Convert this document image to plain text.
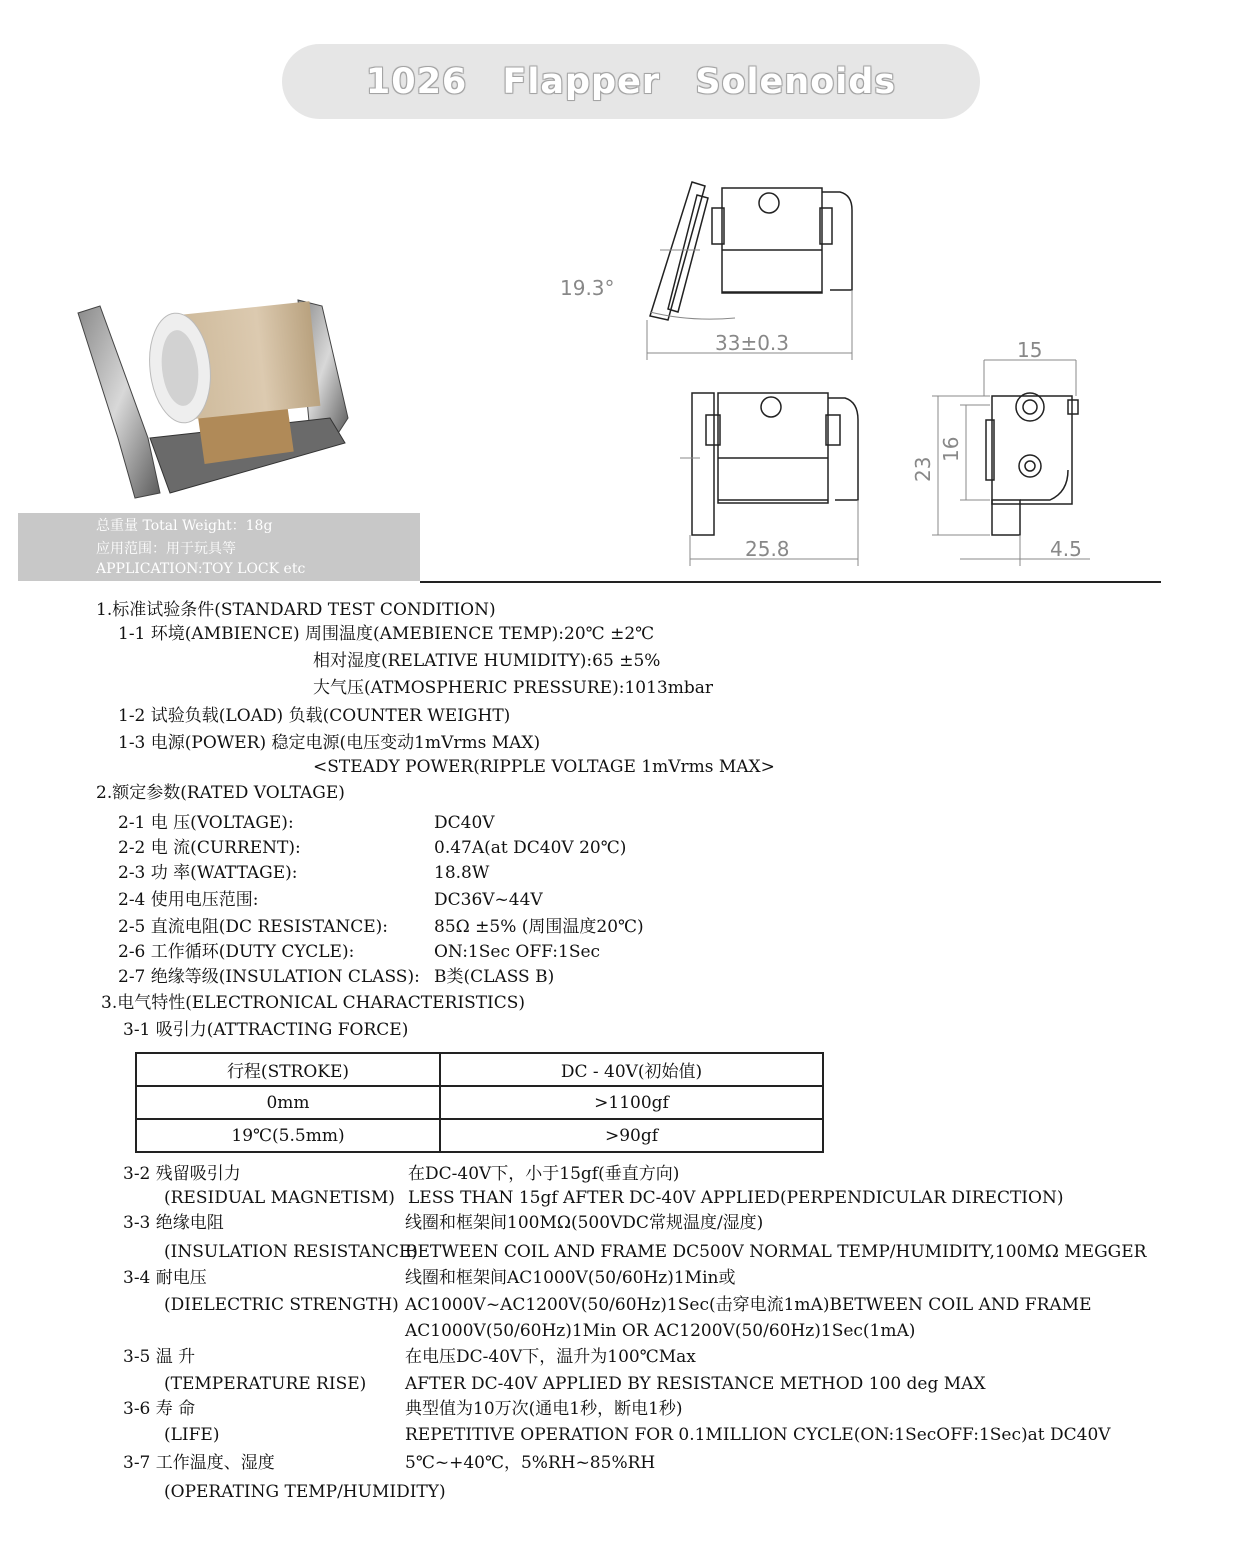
1026 Flapper Solenoids
总重量 Total Weight：18g
应用范围：用于玩具等
APPLICATION:TOY LOCK etc
19.3°
33±0.3	15
25.8	4.5
23
16
1.标准试验条件(STANDARD TEST CONDITION)
1-1 环境(AMBIENCE) 周围温度(AMEBIENCE TEMP):20℃ ±2℃
相对湿度(RELATIVE HUMIDITY):65 ±5%
大气压(ATMOSPHERIC PRESSURE):1013mbar
1-2 试验负载(LOAD) 负载(COUNTER WEIGHT)
1-3 电源(POWER) 稳定电源(电压变动1mVrms MAX)
<STEADY POWER(RIPPLE VOLTAGE 1mVrms MAX>
2.额定参数(RATED VOLTAGE)
2-1 电 压(VOLTAGE):	DC40V
2-2 电 流(CURRENT):	0.47A(at DC40V 20℃)
2-3 功 率(WATTAGE):	18.8W
2-4 使用电压范围:	DC36V~44V
2-5 直流电阻(DC RESISTANCE):	85Ω ±5% (周围温度20℃)
2-6 工作循环(DUTY CYCLE):	ON:1Sec OFF:1Sec
2-7 绝缘等级(INSULATION CLASS): B类(CLASS B)
3.电气特性(ELECTRONICAL CHARACTERISTICS)
3-1 吸引力(ATTRACTING FORCE)
行程(STROKE)	DC - 40V(初始值)
0mm	>1100gf
19℃(5.5mm)	>90gf
3-2 残留吸引力	在DC-40V下，小于15gf(垂直方向)
(RESIDUAL MAGNETISM) LESS THAN 15gf AFTER DC-40V APPLIED(PERPENDICULAR DIRECTION)
3-3 绝缘电阻	线圈和框架间100MΩ(500VDC常规温度/湿度)
(INSULATION RESISTANCE)
BETWEEN COIL AND FRAME DC500V NORMAL TEMP/HUMIDITY,100MΩ MEGGER
3-4 耐电压	线圈和框架间AC1000V(50/60Hz)1Min或
(DIELECTRIC STRENGTH) AC1000V~AC1200V(50/60Hz)1Sec(击穿电流1mA)BETWEEN COIL AND FRAME
AC1000V(50/60Hz)1Min OR AC1200V(50/60Hz)1Sec(1mA)
3-5 温 升	在电压DC-40V下，温升为100℃Max
(TEMPERATURE RISE) AFTER DC-40V APPLIED BY RESISTANCE METHOD 100 deg MAX
3-6 寿 命	典型值为10万次(通电1秒，断电1秒)
(LIFE)	REPETITIVE OPERATION FOR 0.1MILLION CYCLE(ON:1SecOFF:1Sec)at DC40V
3-7 工作温度、湿度	5℃~+40℃，5%RH~85%RH
(OPERATING TEMP/HUMIDITY)
